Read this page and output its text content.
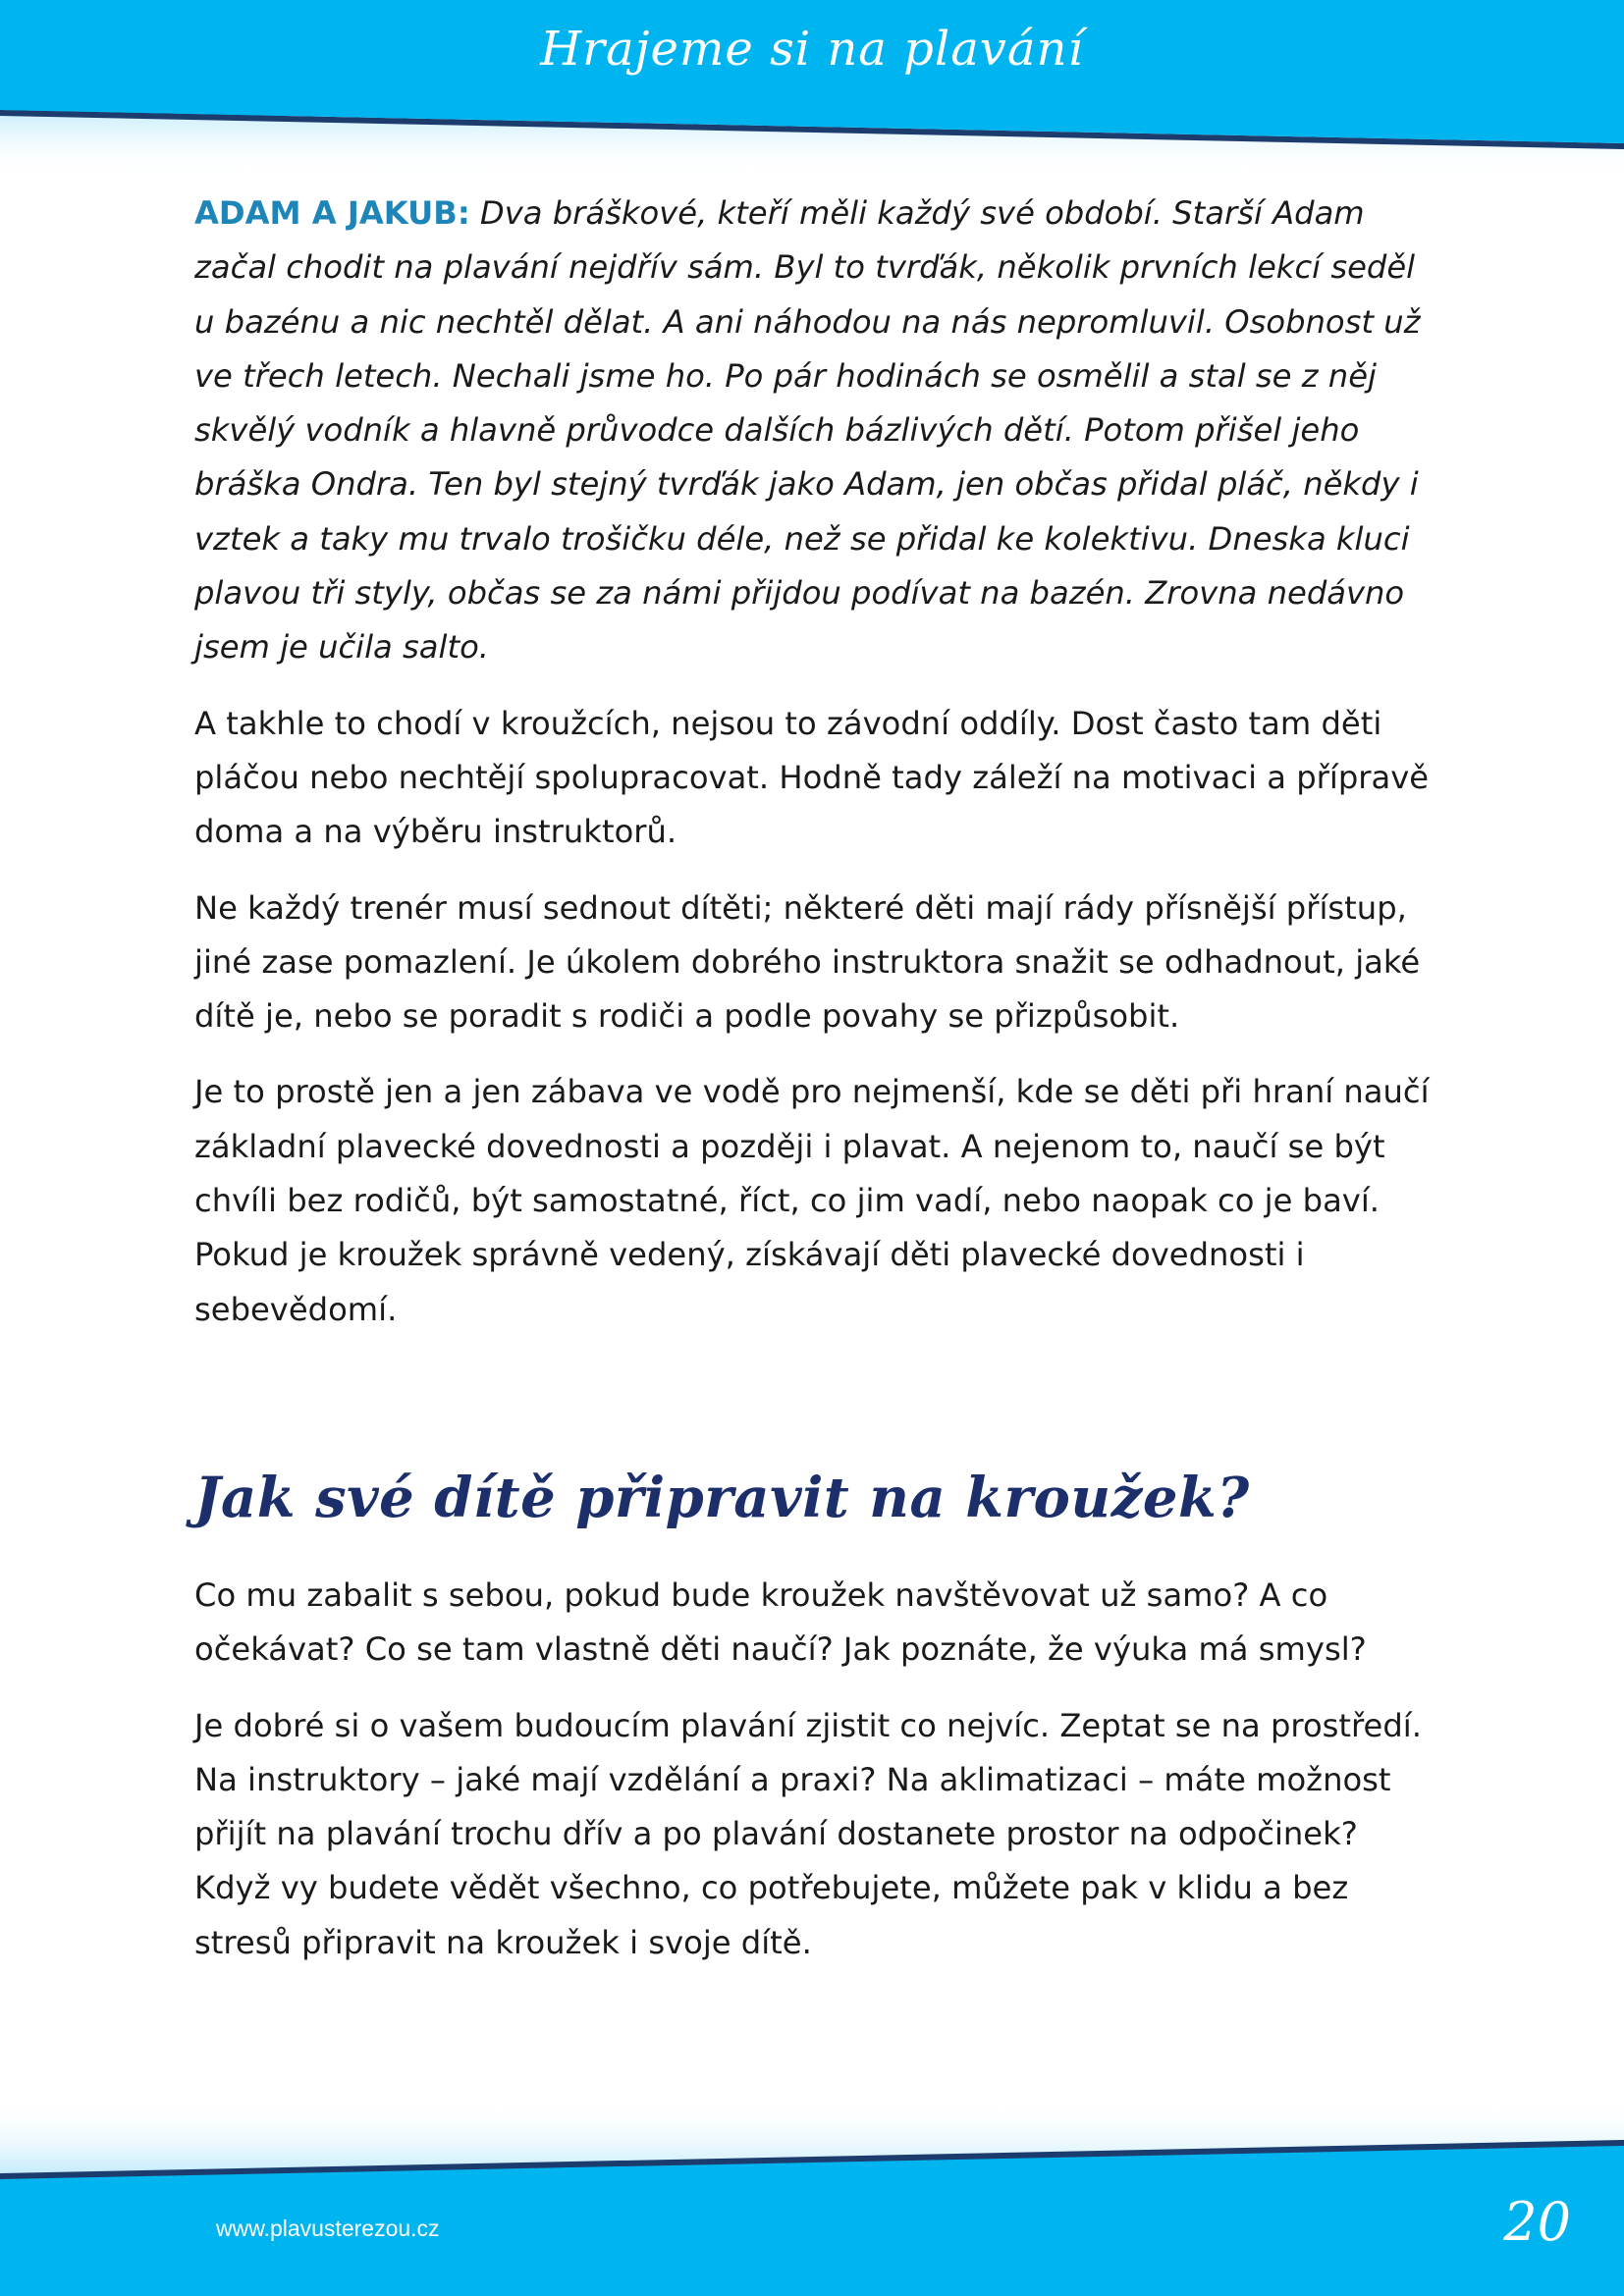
Hrajeme si na plavání

ADAM A JAKUB: Dva bráškové, kteří měli každý své období. Starší Adam začal chodit na plavání nejdřív sám. Byl to tvrďák, několik prvních lekcí seděl u bazénu a nic nechtěl dělat. A ani náhodou na nás nepromluvil. Osobnost už ve třech letech. Nechali jsme ho. Po pár hodinách se osmělil a stal se z něj skvělý vodník a hlavně průvodce dalších bázlivých dětí. Potom přišel jeho bráška Ondra. Ten byl stejný tvrďák jako Adam, jen občas přidal pláč, někdy i vztek a taky mu trvalo trošičku déle, než se přidal ke kolektivu. Dneska kluci plavou tři styly, občas se za námi přijdou podívat na bazén. Zrovna nedávno jsem je učila salto.

A takhle to chodí v kroužcích, nejsou to závodní oddíly. Dost často tam děti pláčou nebo nechtějí spolupracovat. Hodně tady záleží na motivaci a přípravě doma a na výběru instruktorů.

Ne každý trenér musí sednout dítěti; některé děti mají rády přísnější přístup, jiné zase pomazlení. Je úkolem dobrého instruktora snažit se odhadnout, jaké dítě je, nebo se poradit s rodiči a podle povahy se přizpůsobit.

Je to prostě jen a jen zábava ve vodě pro nejmenší, kde se děti při hraní naučí základní plavecké dovednosti a později i plavat. A nejenom to, naučí se být chvíli bez rodičů, být samostatné, říct, co jim vadí, nebo naopak co je baví. Pokud je kroužek správně vedený, získávají děti plavecké dovednosti i sebevědomí.

Jak své dítě připravit na kroužek?

Co mu zabalit s sebou, pokud bude kroužek navštěvovat už samo? A co očekávat? Co se tam vlastně děti naučí? Jak poznáte, že výuka má smysl?

Je dobré si o vašem budoucím plavání zjistit co nejvíc. Zeptat se na prostředí. Na instruktory – jaké mají vzdělání a praxi? Na aklimatizaci – máte možnost přijít na plavání trochu dřív a po plavání dostanete prostor na odpočinek? Když vy budete vědět všechno, co potřebujete, můžete pak v klidu a bez stresů připravit na kroužek i svoje dítě.

www.plavusterezou.cz	20
